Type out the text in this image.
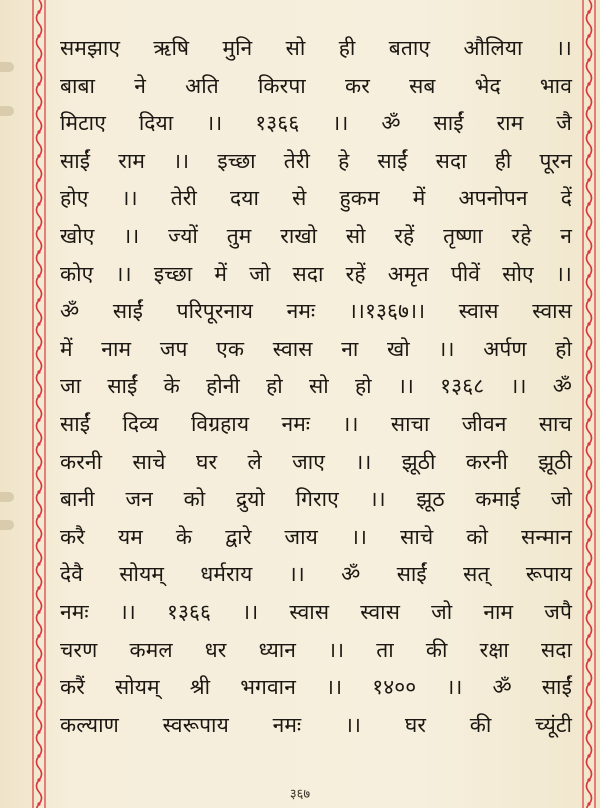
समझाए ऋषि मुनि सो ही बताए औलिया ।।
बाबा ने अति किरपा कर सब भेद भाव
मिटाए दिया ।। १३६६ ।। ॐ साईं राम जै
साईं राम ।। इच्छा तेरी हे साईं सदा ही पूरन
होए ।। तेरी दया से हुकम में अपनोपन दें
खोए ।। ज्यों तुम राखो सो रहें तृष्णा रहे न
कोए ।। इच्छा में जो सदा रहें अमृत पीवें सोए ।।
ॐ साईं परिपूरनाय नमः ।।१३६७।। स्वास स्वास
में नाम जप एक स्वास ना खो ।। अर्पण हो
जा साईं के होनी हो सो हो ।। १३६८ ।। ॐ
साईं दिव्य विग्रहाय नमः ।। साचा जीवन साच
करनी साचे घर ले जाए ।। झूठी करनी झूठी
बानी जन को द्रुयो गिराए ।। झूठ कमाई जो
करै यम के द्वारे जाय ।। साचे को सन्मान
देवै सोयम् धर्मराय ।। ॐ साईं सत् रूपाय
नमः ।। १३६६ ।। स्वास स्वास जो नाम जपै
चरण कमल धर ध्यान ।। ता की रक्षा सदा
करैं सोयम् श्री भगवान ।। १४०० ।। ॐ साईं
कल्याण स्वरूपाय नमः ।। घर की च्यूंटी
३६७
